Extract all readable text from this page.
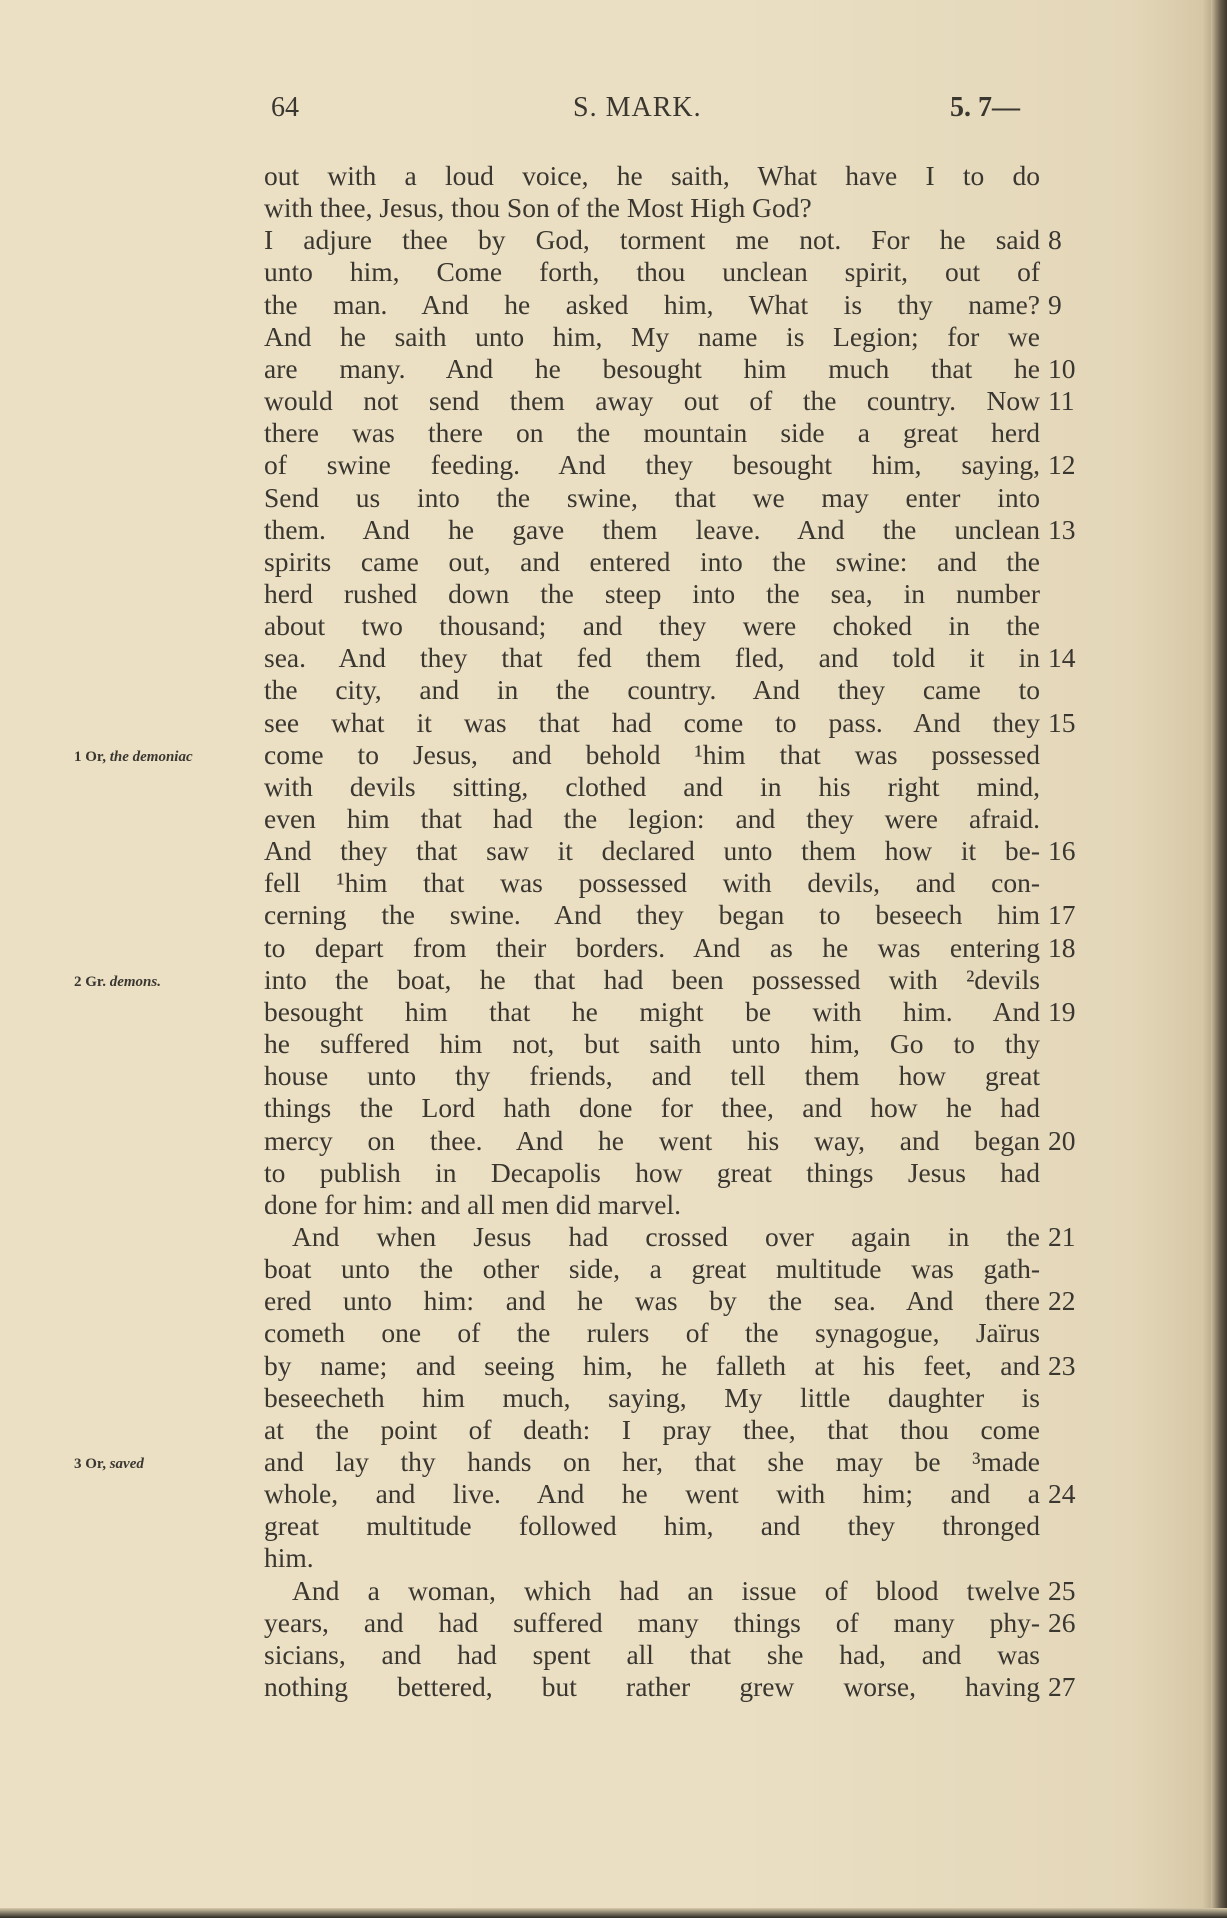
64	S. MARK.	5. 7—
out with a loud voice, he saith, What have I to do
with thee, Jesus, thou Son of the Most High God?
I adjure thee by God, torment me not. For he said 8
unto him, Come forth, thou unclean spirit, out of
the man. And he asked him, What is thy name? 9
And he saith unto him, My name is Legion; for we
are many. And he besought him much that he 10
would not send them away out of the country. Now 11
there was there on the mountain side a great herd
of swine feeding. And they besought him, saying, 12
Send us into the swine, that we may enter into
them. And he gave them leave. And the unclean 13
spirits came out, and entered into the swine: and the
herd rushed down the steep into the sea, in number
about two thousand; and they were choked in the
sea. And they that fed them fled, and told it in 14
the city, and in the country. And they came to
see what it was that had come to pass. And they 15
come to Jesus, and behold ¹him that was possessed
1 Or, the demoniac
with devils sitting, clothed and in his right mind,
even him that had the legion: and they were afraid.
And they that saw it declared unto them how it be- 16
fell ¹him that was possessed with devils, and con-
cerning the swine. And they began to beseech him 17
to depart from their borders. And as he was entering 18
into the boat, he that had been possessed with ²devils
2 Gr. demons.
besought him that he might be with him. And 19
he suffered him not, but saith unto him, Go to thy
house unto thy friends, and tell them how great
things the Lord hath done for thee, and how he had
mercy on thee. And he went his way, and began 20
to publish in Decapolis how great things Jesus had
done for him: and all men did marvel.
And when Jesus had crossed over again in the 21
boat unto the other side, a great multitude was gath-
ered unto him: and he was by the sea. And there 22
cometh one of the rulers of the synagogue, Jaïrus
by name; and seeing him, he falleth at his feet, and 23
beseecheth him much, saying, My little daughter is
at the point of death: I pray thee, that thou come
and lay thy hands on her, that she may be ³made
3 Or, saved
whole, and live. And he went with him; and a 24
great multitude followed him, and they thronged
him.
And a woman, which had an issue of blood twelve 25
years, and had suffered many things of many phy- 26
sicians, and had spent all that she had, and was
nothing bettered, but rather grew worse, having 27
